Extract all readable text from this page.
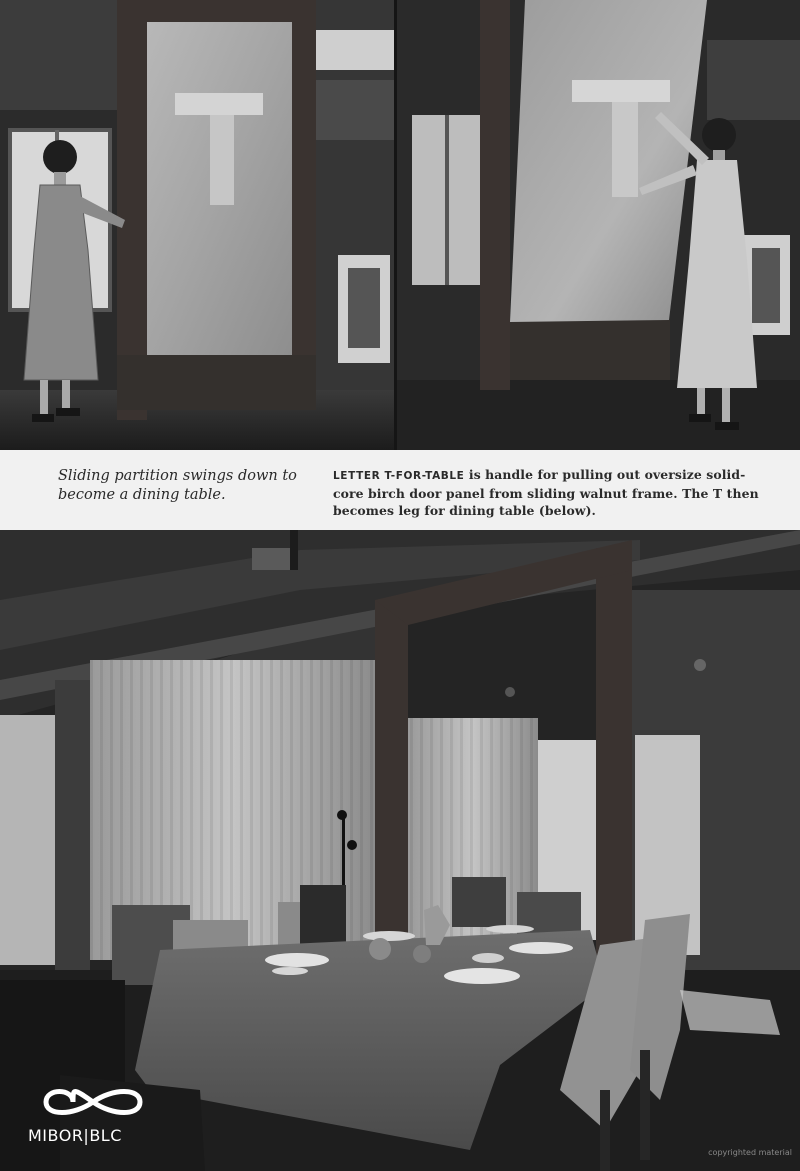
Sliding partition swings down to become a dining table.
LETTER T-FOR-TABLE is handle for pulling out oversize solid-core birch door panel from sliding walnut frame. The T then becomes leg for dining table (below).
MIBOR|BLC
copyrighted material
